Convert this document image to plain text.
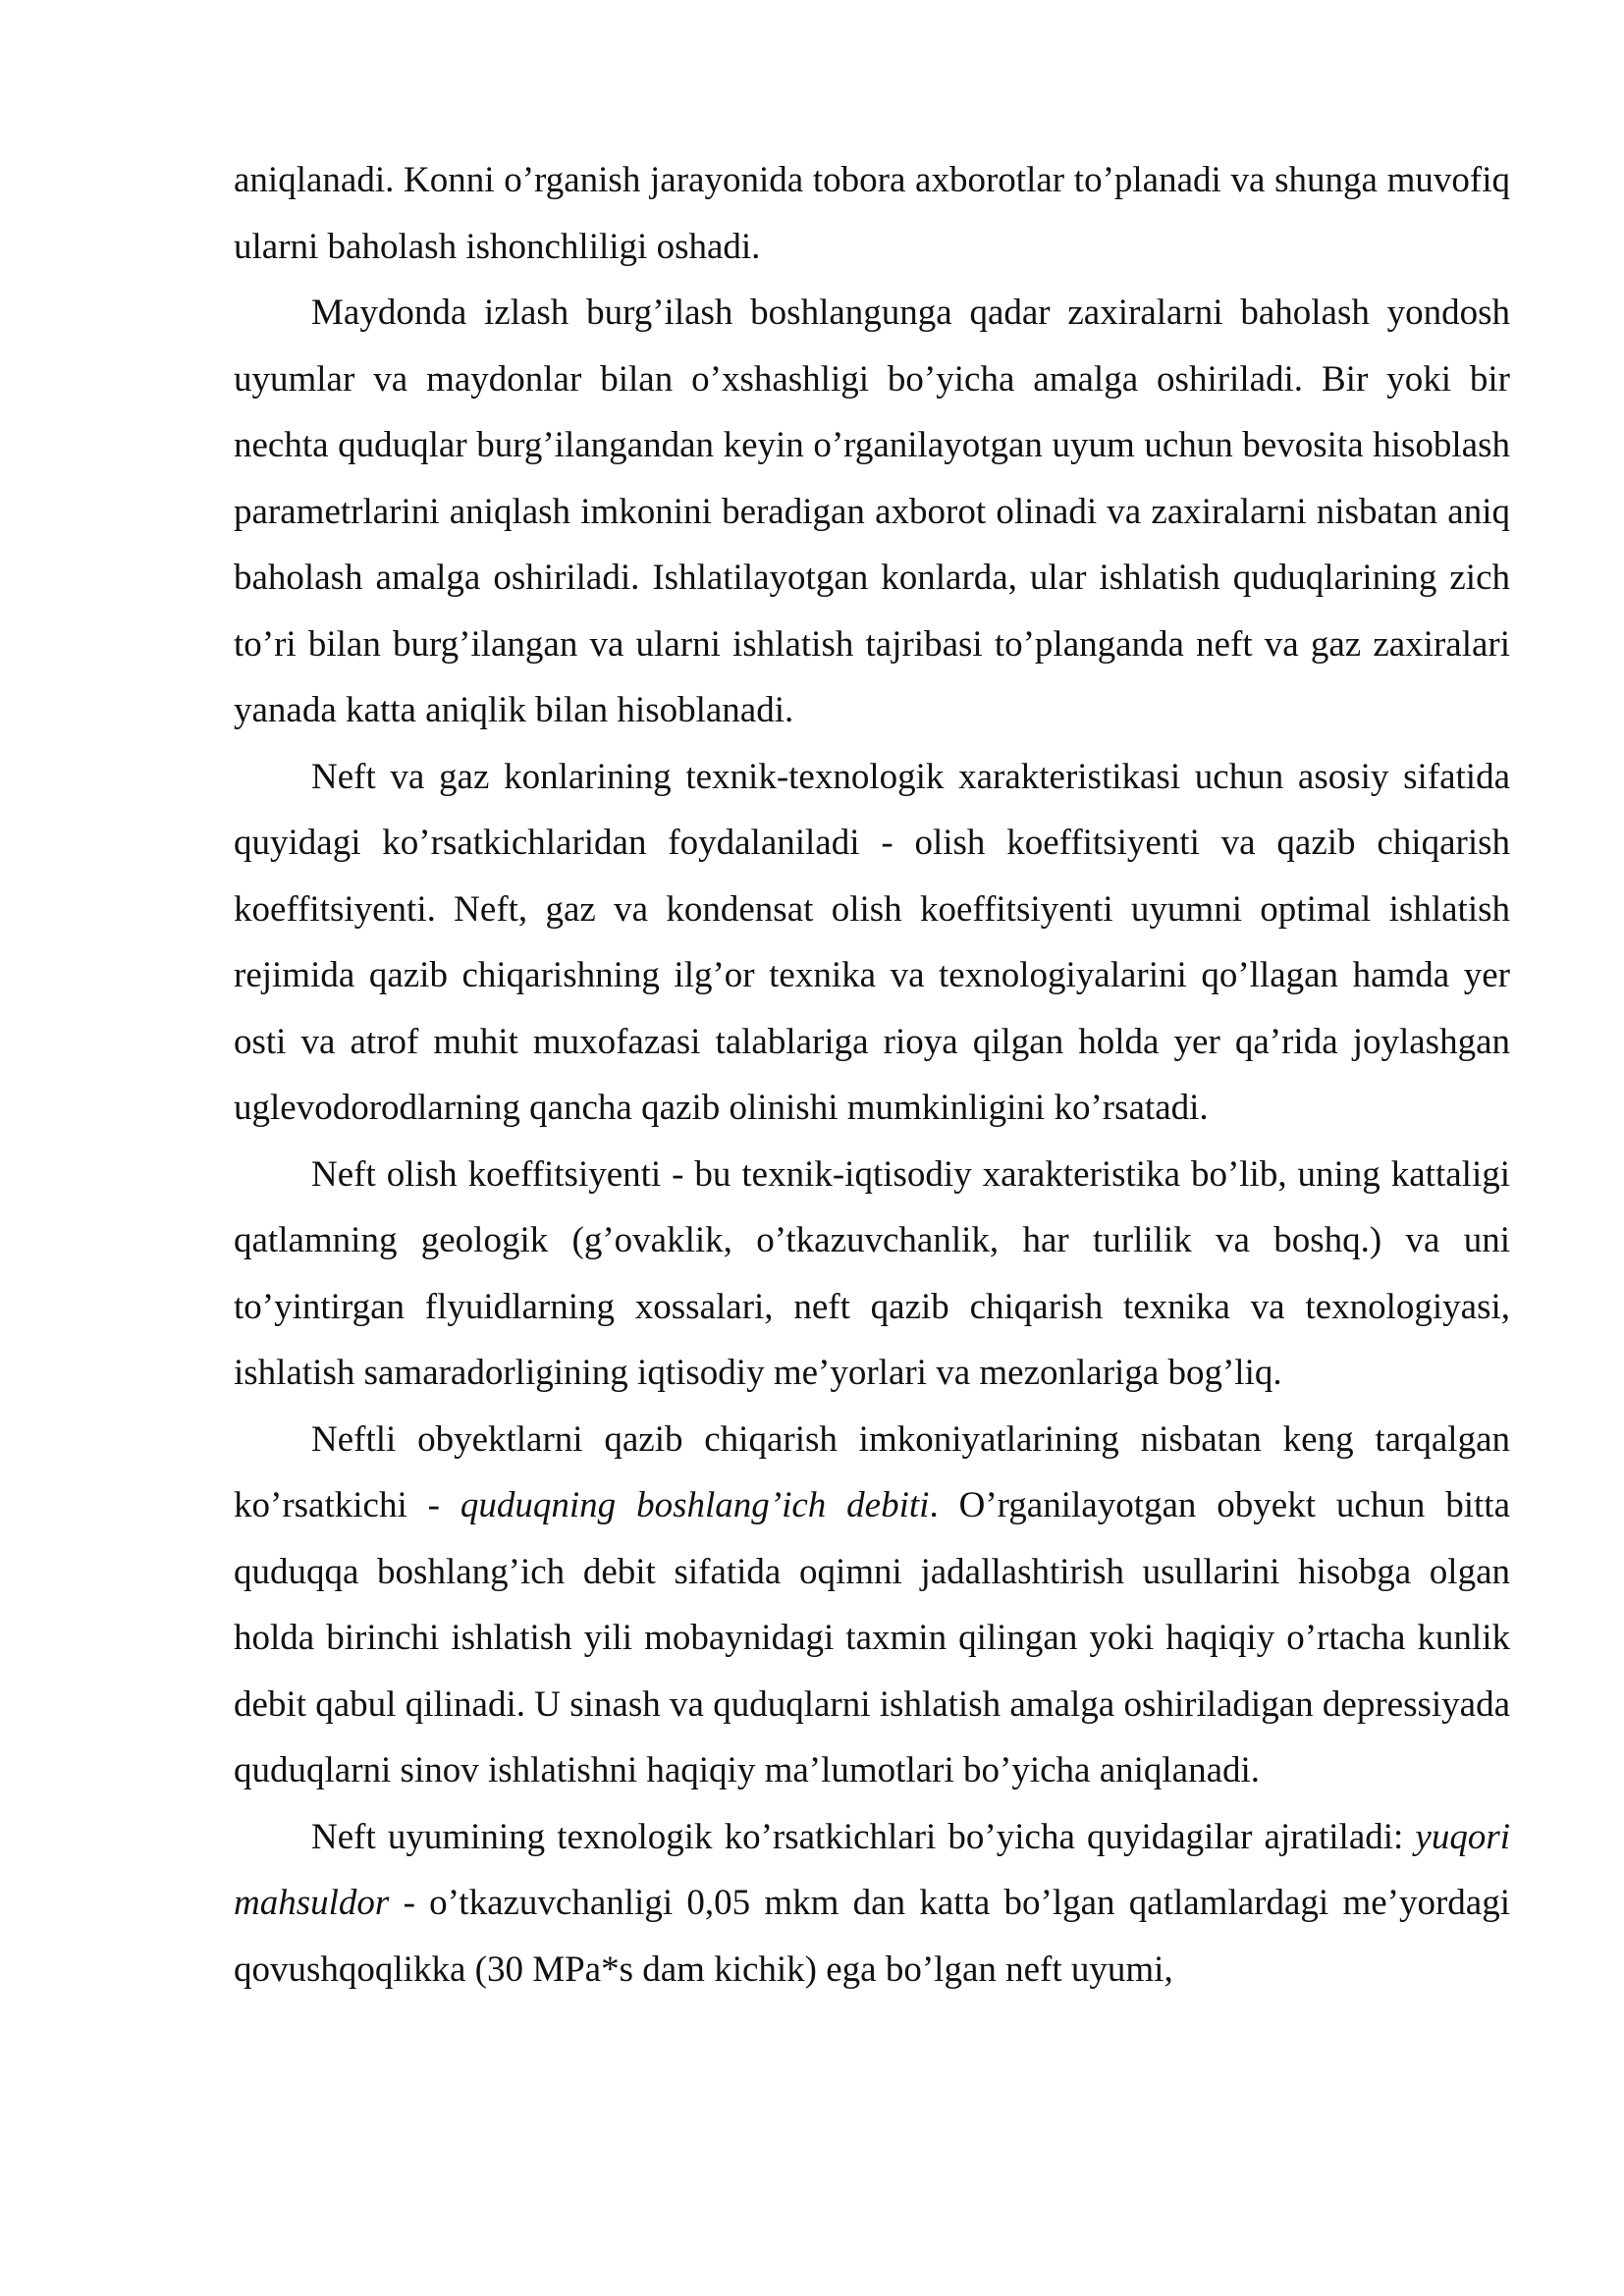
aniqlanadi. Konni o’rganish jarayonida tobora axborotlar to’planadi va shunga muvofiq ularni baholash ishonchliligi oshadi.

Maydonda izlash burg’ilash boshlangunga qadar zaxiralarni baholash yondosh uyumlar va maydonlar bilan o’xshashligi bo’yicha amalga oshiriladi. Bir yoki bir nechta quduqlar burg’ilangandan keyin o’rganilayotgan uyum uchun bevosita hisoblash parametrlarini aniqlash imkonini beradigan axborot olinadi va zaxiralarni nisbatan aniq baholash amalga oshiriladi. Ishlatilayotgan konlarda, ular ishlatish quduqlarining zich to’ri bilan burg’ilangan va ularni ishlatish tajribasi to’planganda neft va gaz zaxiralari yanada katta aniqlik bilan hisoblanadi.

Neft va gaz konlarining texnik-texnologik xarakteristikasi uchun asosiy sifatida quyidagi ko’rsatkichlaridan foydalaniladi - olish koeffitsiyenti va qazib chiqarish koeffitsiyenti. Neft, gaz va kondensat olish koeffitsiyenti uyumni optimal ishlatish rejimida qazib chiqarishning ilg’or texnika va texnologiyalarini qo’llagan hamda yer osti va atrof muhit muxofazasi talablariga rioya qilgan holda yer qa’rida joylashgan uglevodorodlarning qancha qazib olinishi mumkinligini ko’rsatadi.

Neft olish koeffitsiyenti - bu texnik-iqtisodiy xarakteristika bo’lib, uning kattaligi qatlamning geologik (g’ovaklik, o’tkazuvchanlik, har turlilik va boshq.) va uni to’yintirgan flyuidlarning xossalari, neft qazib chiqarish texnika va texnologiyasi, ishlatish samaradorligining iqtisodiy me’yorlari va mezonlariga bog’liq.

Neftli obyektlarni qazib chiqarish imkoniyatlarining nisbatan keng tarqalgan ko’rsatkichi - quduqning boshlang’ich debiti. O’rganilayotgan obyekt uchun bitta quduqqa boshlang’ich debit sifatida oqimni jadallashtirish usullarini hisobga olgan holda birinchi ishlatish yili mobaynidagi taxmin qilingan yoki haqiqiy o’rtacha kunlik debit qabul qilinadi. U sinash va quduqlarni ishlatish amalga oshiriladigan depressiyada quduqlarni sinov ishlatishni haqiqiy ma’lumotlari bo’yicha aniqlanadi.

Neft uyumining texnologik ko’rsatkichlari bo’yicha quyidagilar ajratiladi: yuqori mahsuldor - o’tkazuvchanligi 0,05 mkm dan katta bo’lgan qatlamlardagi me’yordagi qovushqoqlikka (30 MPa*s dam kichik) ega bo’lgan neft uyumi,
